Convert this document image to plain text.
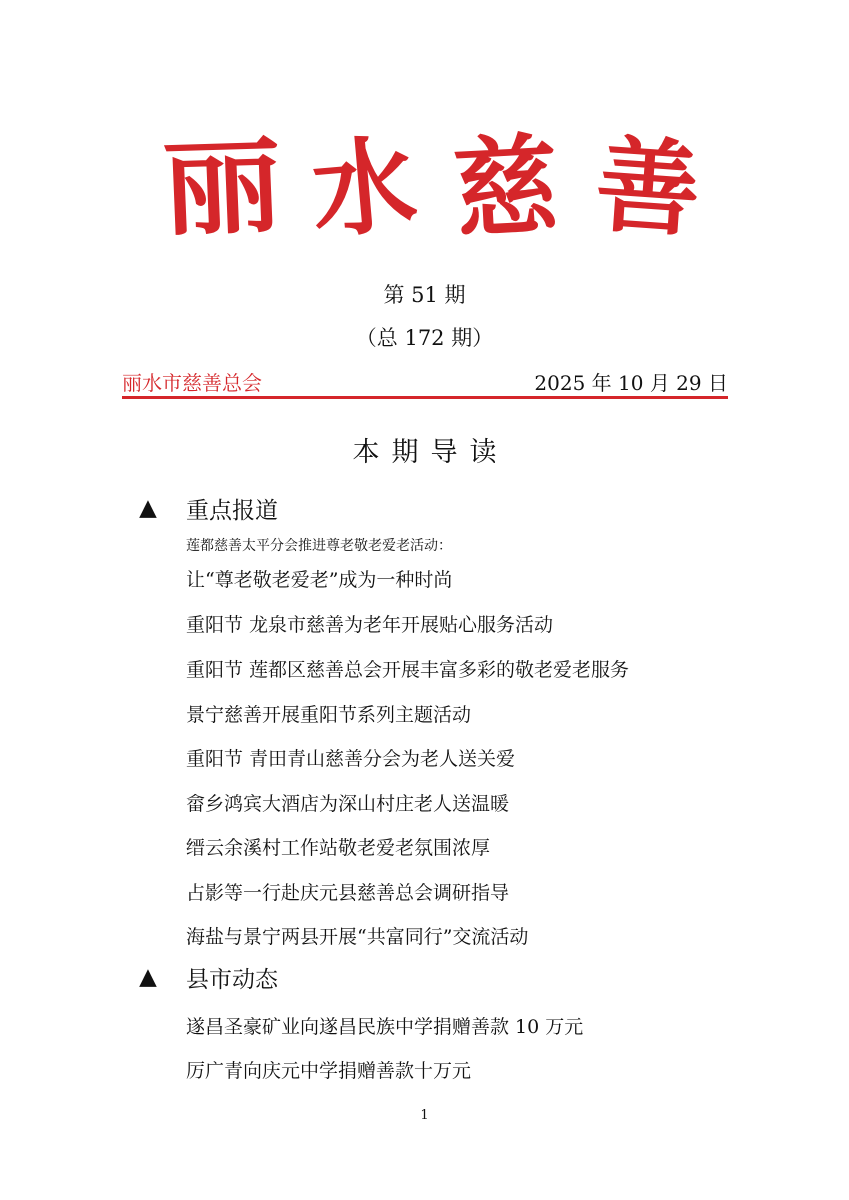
丽 水 慈 善
第 51 期
（总 172 期）
丽水市慈善总会	2025 年 10 月 29 日
本期导读
▲ 重点报道
莲都慈善太平分会推进尊老敬老爱老活动：
让“尊老敬老爱老”成为一种时尚
重阳节 龙泉市慈善为老年开展贴心服务活动
重阳节 莲都区慈善总会开展丰富多彩的敬老爱老服务
景宁慈善开展重阳节系列主题活动
重阳节 青田青山慈善分会为老人送关爱
畲乡鸿宾大酒店为深山村庄老人送温暖
缙云余溪村工作站敬老爱老氛围浓厚
占影等一行赴庆元县慈善总会调研指导
海盐与景宁两县开展“共富同行”交流活动
▲ 县市动态
遂昌圣豪矿业向遂昌民族中学捐赠善款 10 万元
厉广青向庆元中学捐赠善款十万元
1
